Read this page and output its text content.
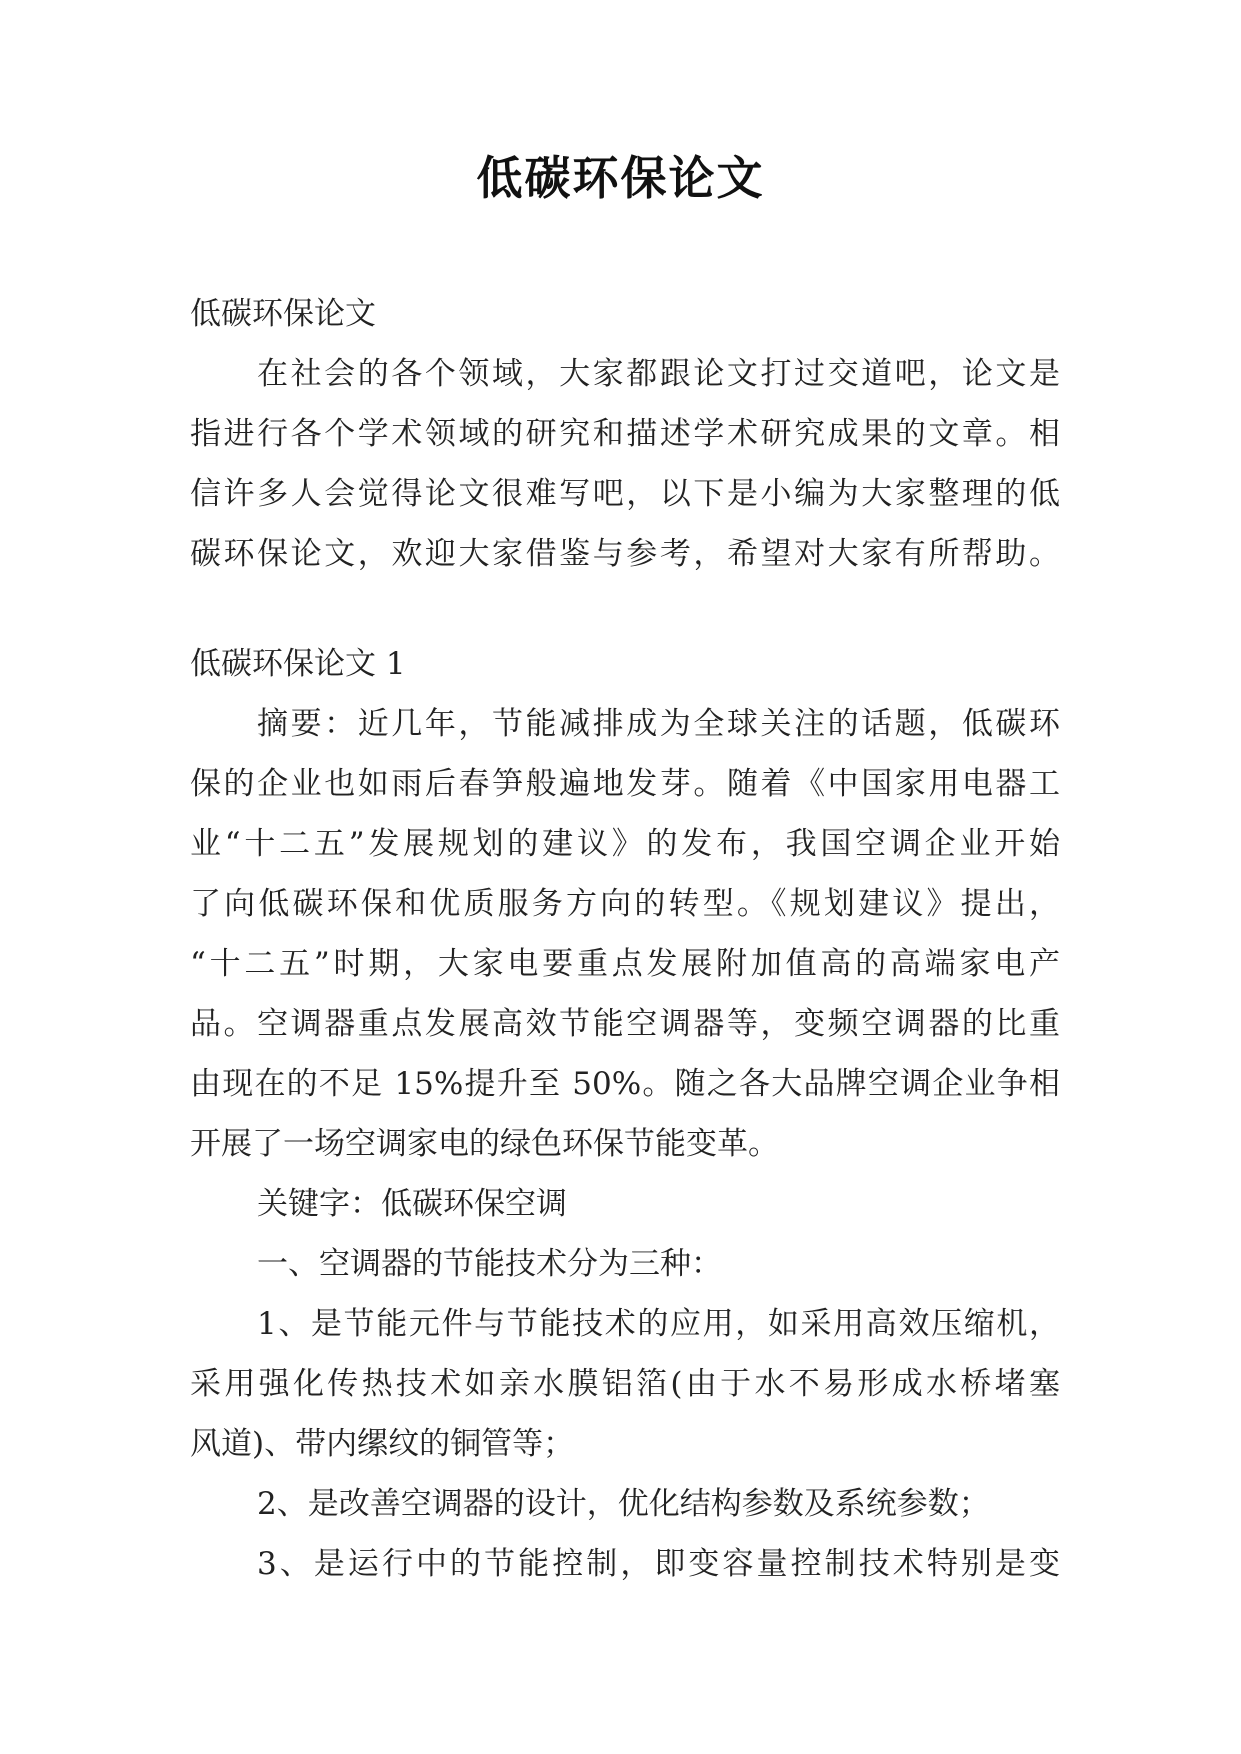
低碳环保论文
低碳环保论文
在社会的各个领域，大家都跟论文打过交道吧，论文是
指进行各个学术领域的研究和描述学术研究成果的文章。相
信许多人会觉得论文很难写吧，以下是小编为大家整理的低
碳环保论文，欢迎大家借鉴与参考，希望对大家有所帮助。
低碳环保论文 1
摘要：近几年，节能减排成为全球关注的话题，低碳环
保的企业也如雨后春笋般遍地发芽。随着《中国家用电器工
业“十二五”发展规划的建议》的发布，我国空调企业开始
了向低碳环保和优质服务方向的转型。《规划建议》提出，
“十二五”时期，大家电要重点发展附加值高的高端家电产
品。空调器重点发展高效节能空调器等，变频空调器的比重
由现在的不足 15%提升至 50%。随之各大品牌空调企业争相
开展了一场空调家电的绿色环保节能变革。
关键字：低碳环保空调
一、空调器的节能技术分为三种：
1、是节能元件与节能技术的应用，如采用高效压缩机，
采用强化传热技术如亲水膜铝箔(由于水不易形成水桥堵塞
风道)、带内缧纹的铜管等；
2、是改善空调器的设计，优化结构参数及系统参数；
3、是运行中的节能控制，即变容量控制技术特别是变
